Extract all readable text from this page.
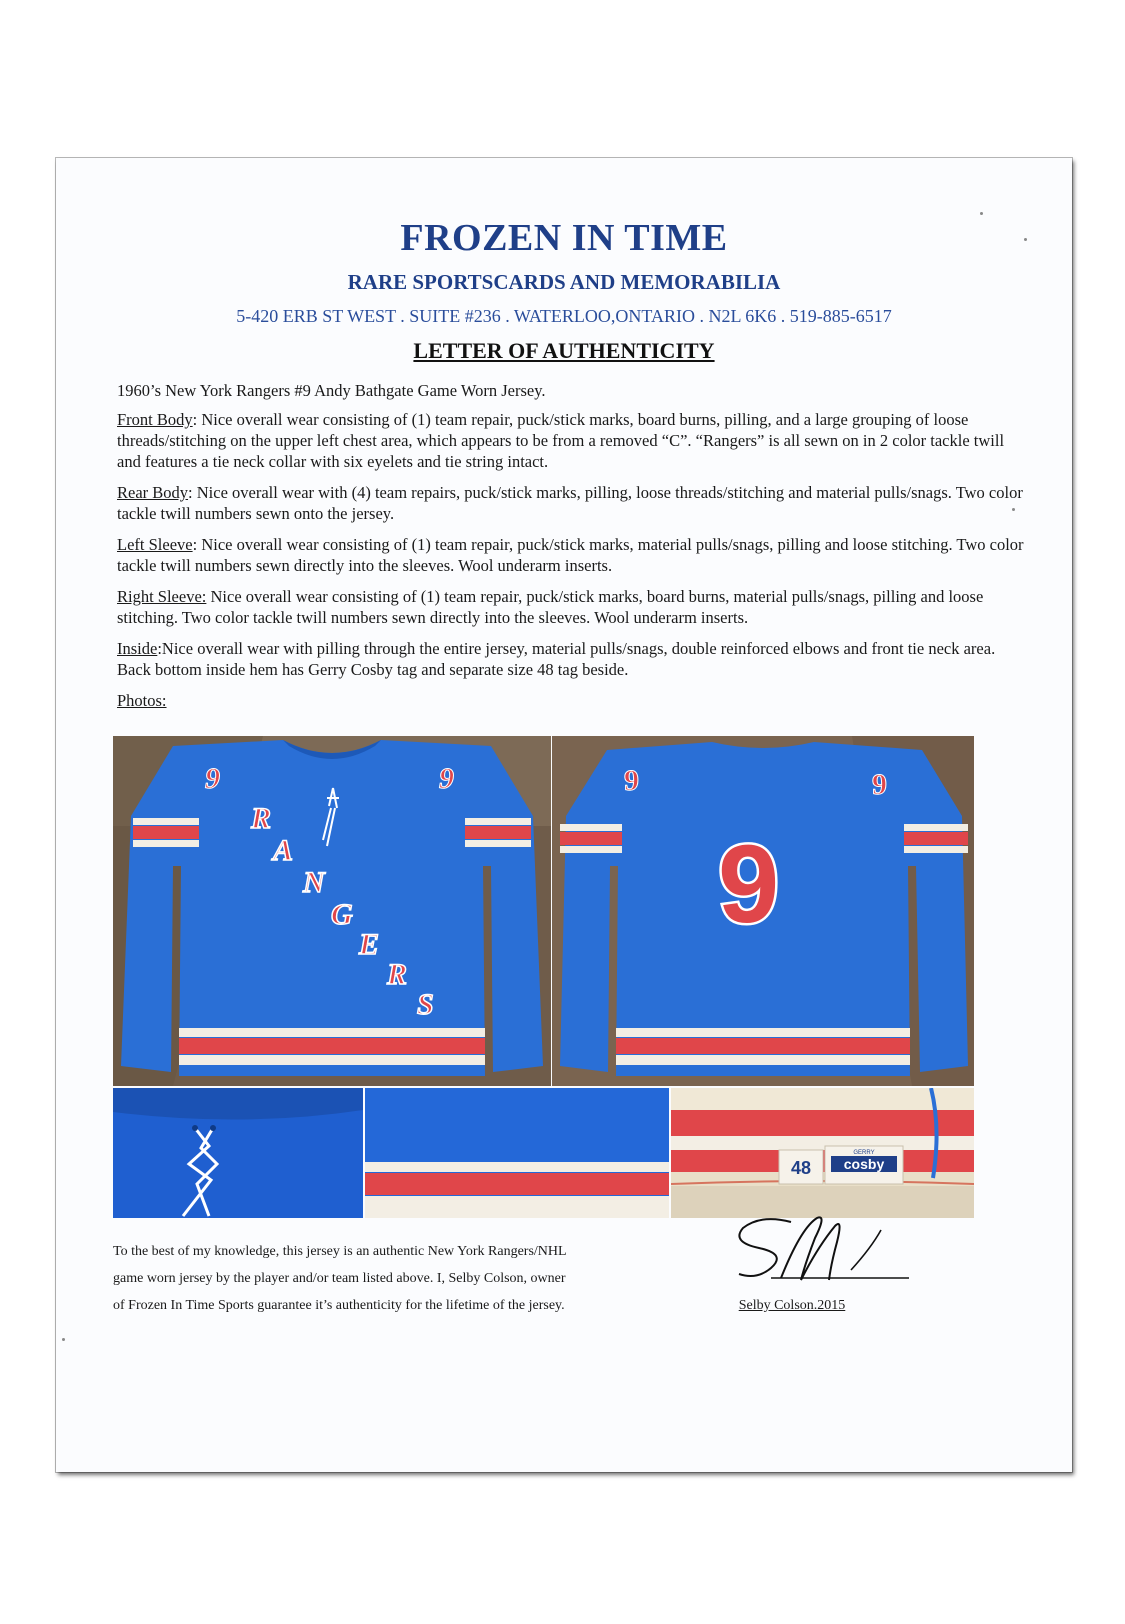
FROZEN IN TIME
RARE SPORTSCARDS AND MEMORABILIA
5-420 ERB ST WEST . SUITE #236 . WATERLOO,ONTARIO . N2L 6K6 . 519-885-6517
LETTER OF AUTHENTICITY

1960’s New York Rangers #9 Andy Bathgate Game Worn Jersey.

Front Body: Nice overall wear consisting of (1) team repair, puck/stick marks, board burns, pilling, and a large grouping of loose threads/stitching on the upper left chest area, which appears to be from a removed “C”. “Rangers” is all sewn on in 2 color tackle twill and features a tie neck collar with six eyelets and tie string intact.

Rear Body: Nice overall wear with (4) team repairs, puck/stick marks, pilling, loose threads/stitching and material pulls/snags. Two color tackle twill numbers sewn onto the jersey.

Left Sleeve: Nice overall wear consisting of (1) team repair, puck/stick marks, material pulls/snags, pilling and loose stitching. Two color tackle twill numbers sewn directly into the sleeves. Wool underarm inserts.

Right Sleeve: Nice overall wear consisting of (1) team repair, puck/stick marks, board burns, material pulls/snags, pilling and loose stitching. Two color tackle twill numbers sewn directly into the sleeves. Wool underarm inserts.

Inside:Nice overall wear with pilling through the entire jersey, material pulls/snags, double reinforced elbows and front tie neck area. Back bottom inside hem has Gerry Cosby tag and separate size 48 tag beside.

Photos:

9	9
R
A
N
G
E
R
S
9	9
9
48
GERRY
cosby

To the best of my knowledge, this jersey is an authentic New York Rangers/NHL

game worn jersey by the player and/or team listed above. I, Selby Colson, owner

of Frozen In Time Sports guarantee it’s authenticity for the lifetime of the jersey.	Selby Colson.2015
